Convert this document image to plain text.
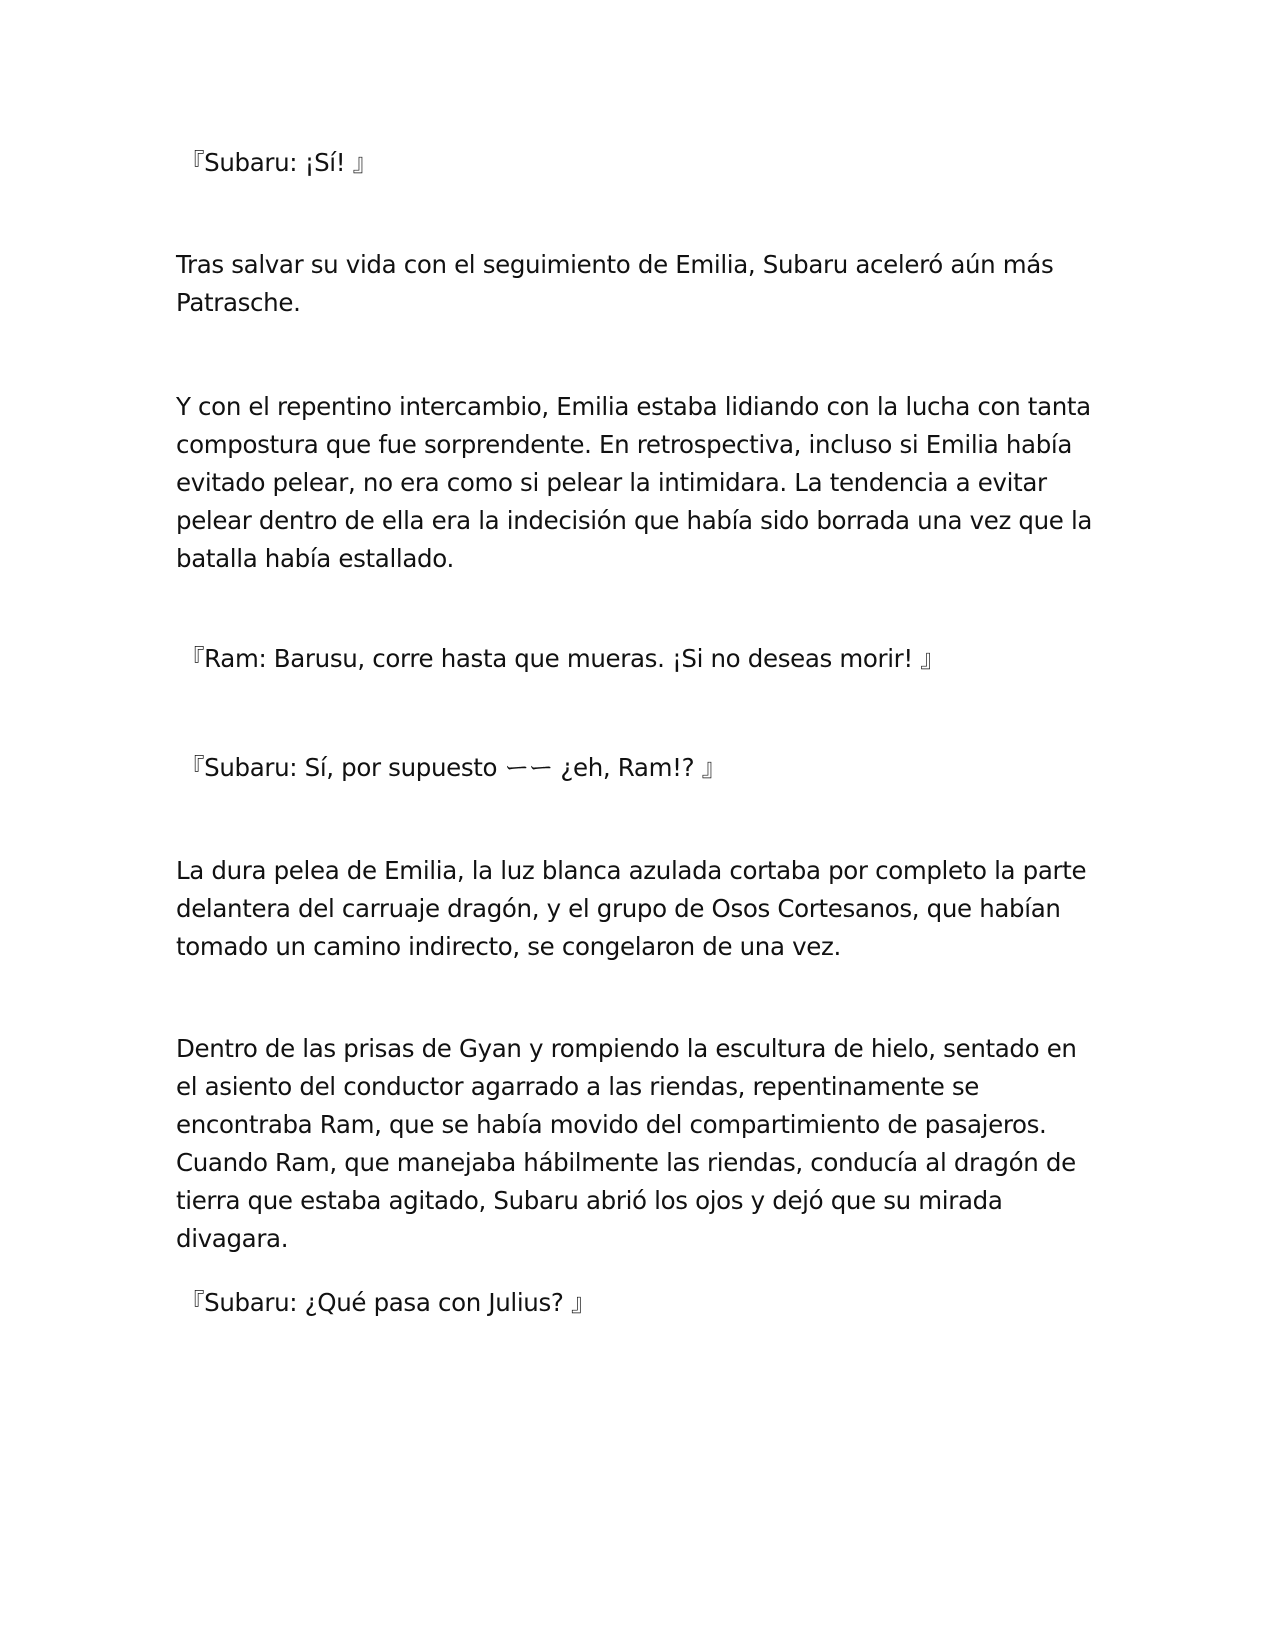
『Subaru: ¡Sí! 』

Tras salvar su vida con el seguimiento de Emilia, Subaru aceleró aún más Patrasche.

Y con el repentino intercambio, Emilia estaba lidiando con la lucha con tanta compostura que fue sorprendente. En retrospectiva, incluso si Emilia había evitado pelear, no era como si pelear la intimidara. La tendencia a evitar pelear dentro de ella era la indecisión que había sido borrada una vez que la batalla había estallado.

『Ram: Barusu, corre hasta que mueras. ¡Si no deseas morir! 』

『Subaru: Sí, por supuesto ーー ¿eh, Ram!? 』

La dura pelea de Emilia, la luz blanca azulada cortaba por completo la parte delantera del carruaje dragón, y el grupo de Osos Cortesanos, que habían tomado un camino indirecto, se congelaron de una vez.

Dentro de las prisas de Gyan y rompiendo la escultura de hielo, sentado en el asiento del conductor agarrado a las riendas, repentinamente se encontraba Ram, que se había movido del compartimiento de pasajeros. Cuando Ram, que manejaba hábilmente las riendas, conducía al dragón de tierra que estaba agitado, Subaru abrió los ojos y dejó que su mirada divagara.

『Subaru: ¿Qué pasa con Julius? 』
